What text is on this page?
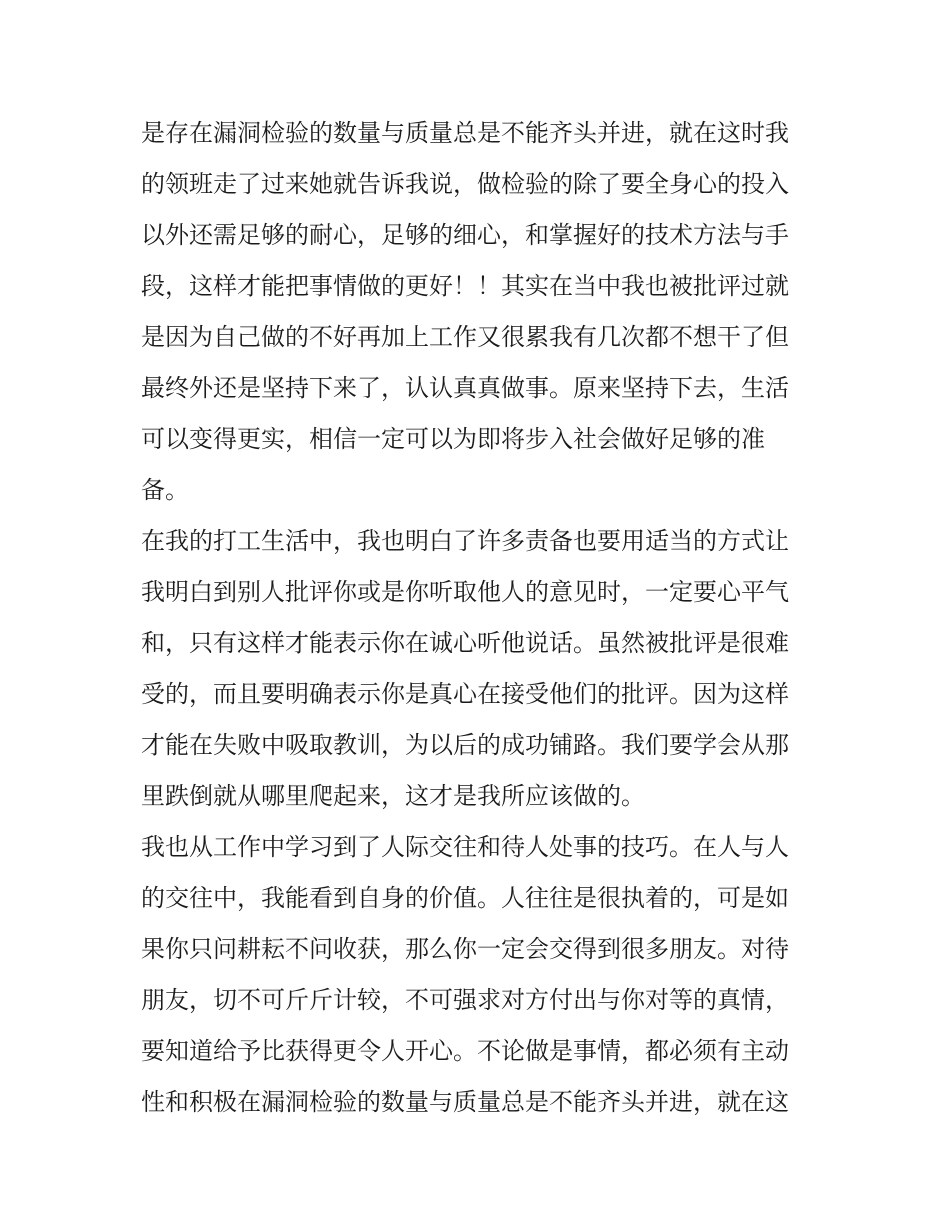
是存在漏洞检验的数量与质量总是不能齐头并进，就在这时我
的领班走了过来她就告诉我说，做检验的除了要全身心的投入
以外还需足够的耐心，足够的细心，和掌握好的技术方法与手
段，这样才能把事情做的更好！！其实在当中我也被批评过就
是因为自己做的不好再加上工作又很累我有几次都不想干了但
最终外还是坚持下来了，认认真真做事。原来坚持下去，生活
可以变得更实，相信一定可以为即将步入社会做好足够的准
备。
在我的打工生活中，我也明白了许多责备也要用适当的方式让
我明白到别人批评你或是你听取他人的意见时，一定要心平气
和，只有这样才能表示你在诚心听他说话。虽然被批评是很难
受的，而且要明确表示你是真心在接受他们的批评。因为这样
才能在失败中吸取教训，为以后的成功铺路。我们要学会从那
里跌倒就从哪里爬起来，这才是我所应该做的。
我也从工作中学习到了人际交往和待人处事的技巧。在人与人
的交往中，我能看到自身的价值。人往往是很执着的，可是如
果你只问耕耘不问收获，那么你一定会交得到很多朋友。对待
朋友，切不可斤斤计较，不可强求对方付出与你对等的真情，
要知道给予比获得更令人开心。不论做是事情，都必须有主动
性和积极在漏洞检验的数量与质量总是不能齐头并进，就在这
